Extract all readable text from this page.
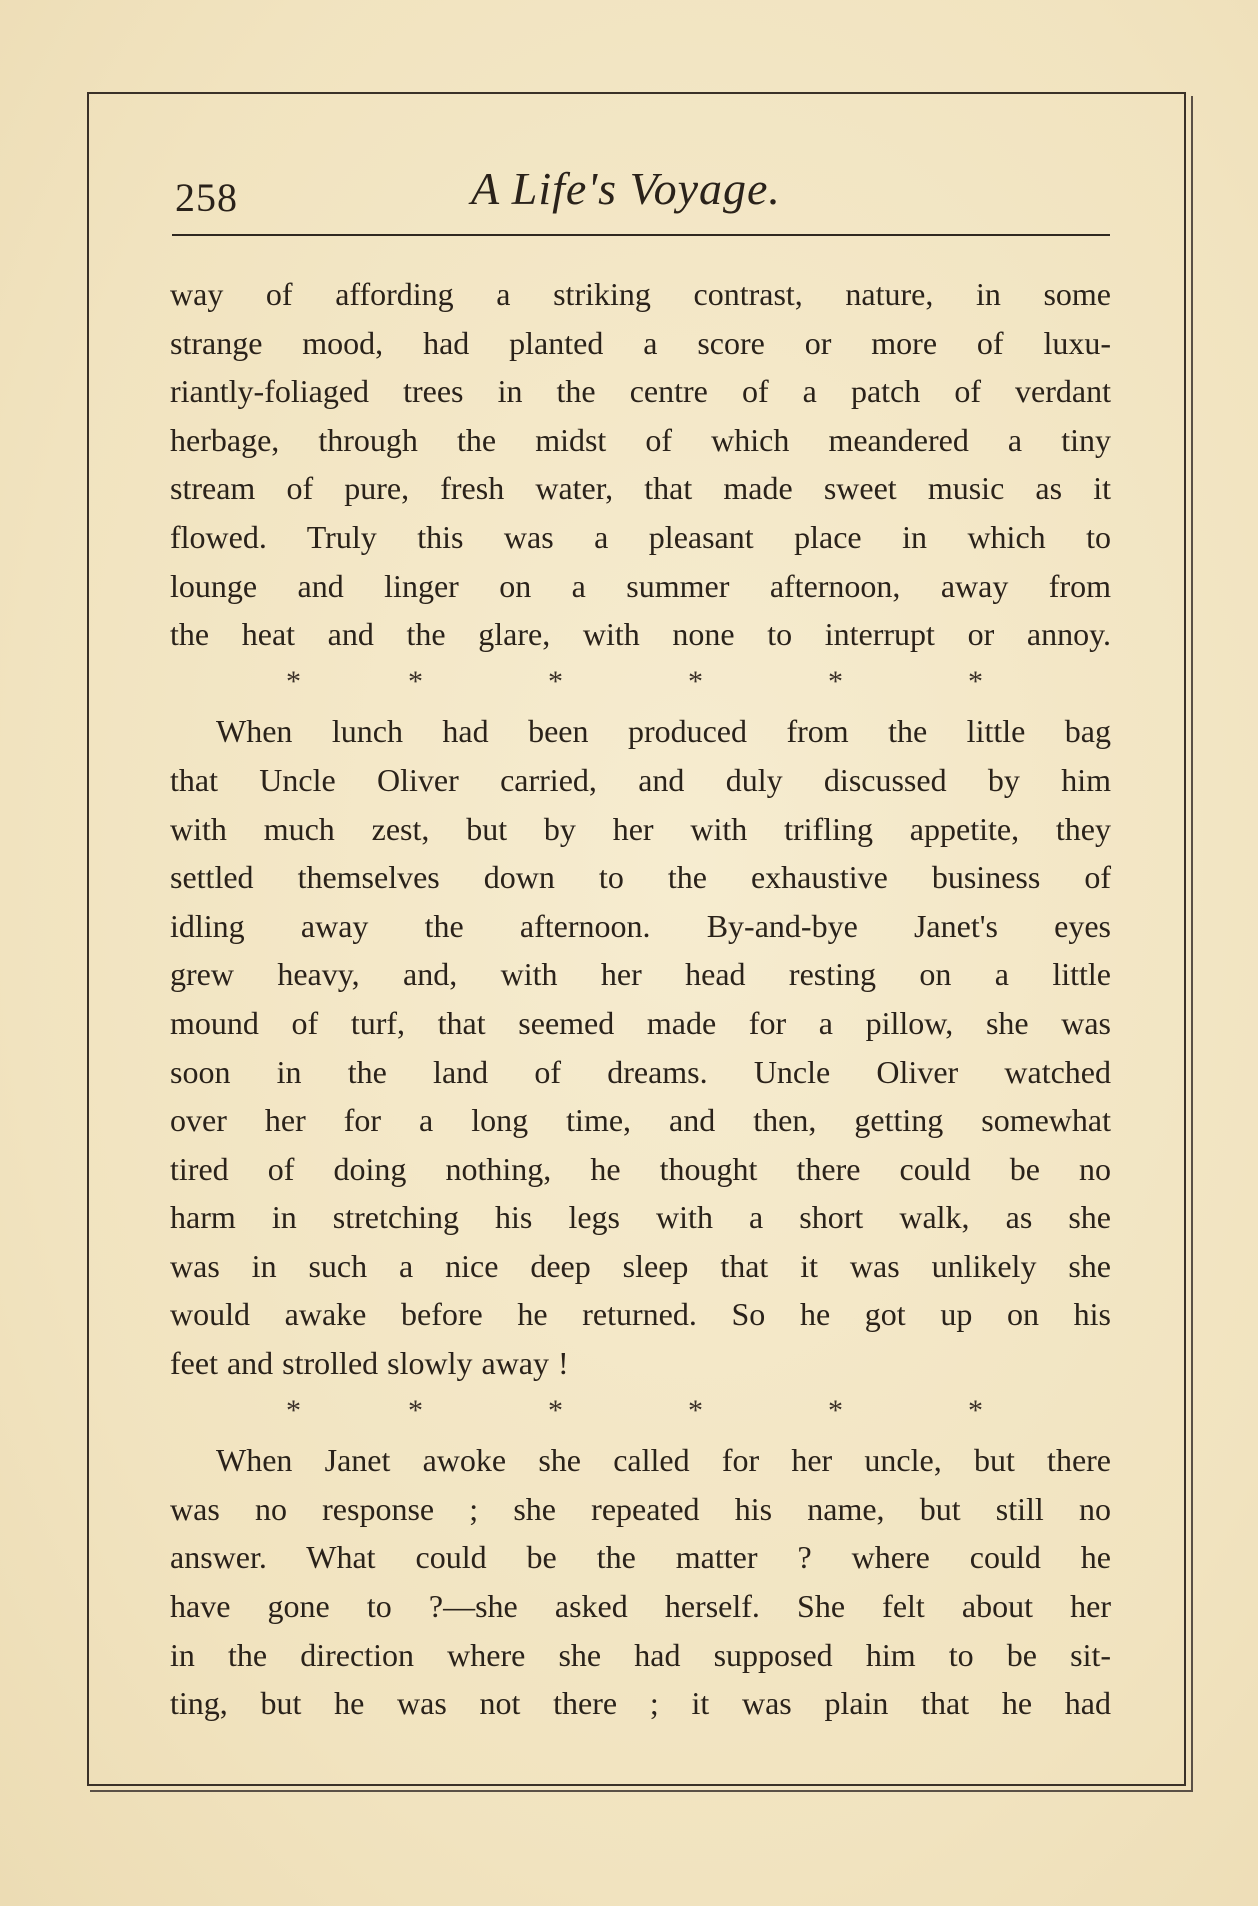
258	A Life's Voyage.
way of affording a striking contrast, nature, in some
strange mood, had planted a score or more of luxu-
riantly-foliaged trees in the centre of a patch of verdant
herbage, through the midst of which meandered a tiny
stream of pure, fresh water, that made sweet music as it
flowed. Truly this was a pleasant place in which to
lounge and linger on a summer afternoon, away from
the heat and the glare, with none to interrupt or annoy.
*	*	*	*	*	*
When lunch had been produced from the little bag
that Uncle Oliver carried, and duly discussed by him
with much zest, but by her with trifling appetite, they
settled themselves down to the exhaustive business of
idling away the afternoon. By-and-bye Janet's eyes
grew heavy, and, with her head resting on a little
mound of turf, that seemed made for a pillow, she was
soon in the land of dreams. Uncle Oliver watched
over her for a long time, and then, getting somewhat
tired of doing nothing, he thought there could be no
harm in stretching his legs with a short walk, as she
was in such a nice deep sleep that it was unlikely she
would awake before he returned. So he got up on his
feet and strolled slowly away !
*	*	*	*	*	*
When Janet awoke she called for her uncle, but there
was no response ; she repeated his name, but still no
answer. What could be the matter ? where could he
have gone to ?—she asked herself. She felt about her
in the direction where she had supposed him to be sit-
ting, but he was not there ; it was plain that he had
